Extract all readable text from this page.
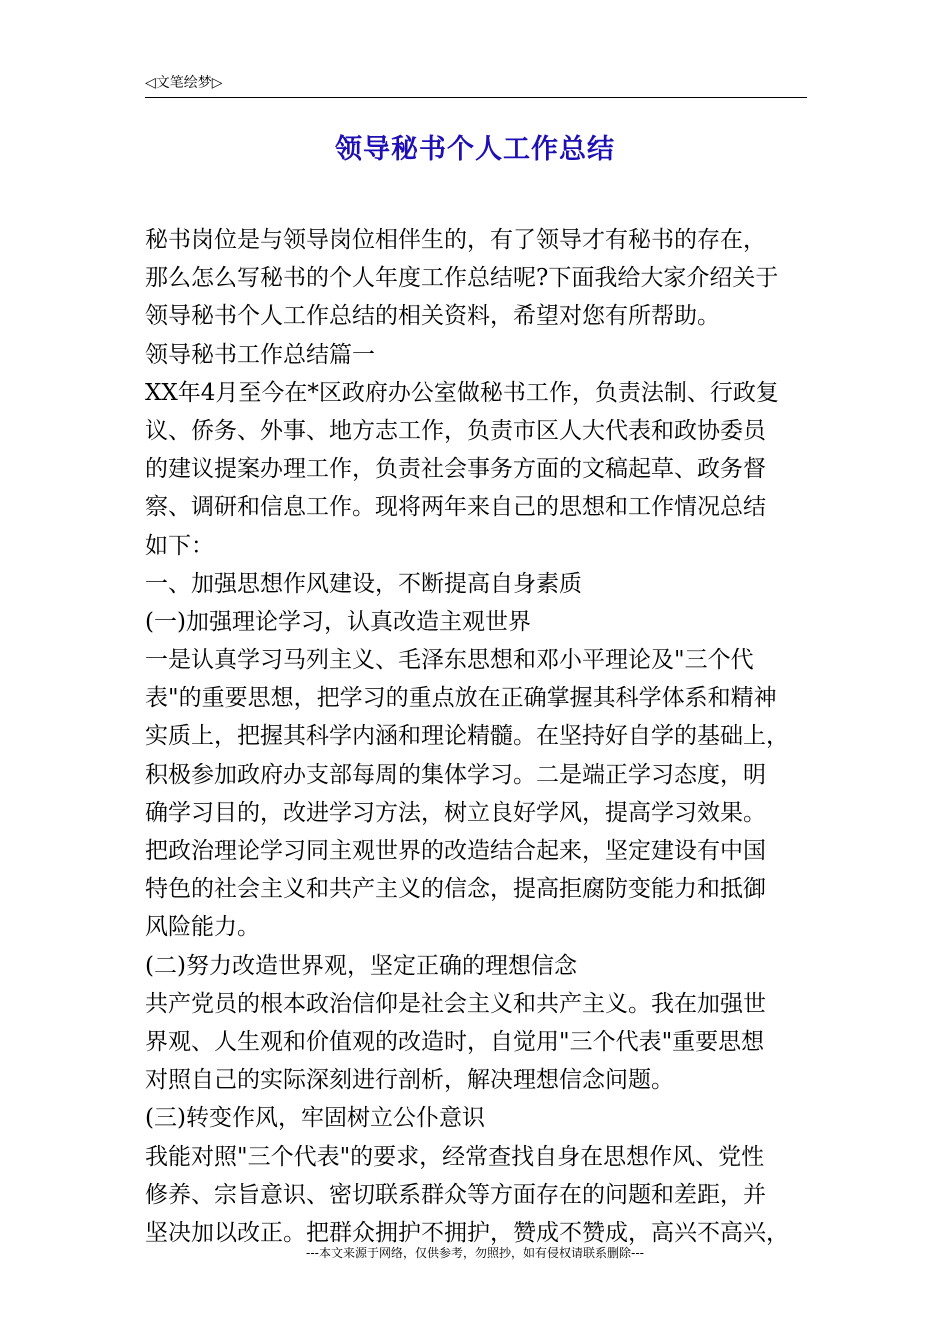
◁文笔绘梦▷
领导秘书个人工作总结
秘书岗位是与领导岗位相伴生的，有了领导才有秘书的存在，
那么怎么写秘书的个人年度工作总结呢?下面我给大家介绍关于
领导秘书个人工作总结的相关资料，希望对您有所帮助。
领导秘书工作总结篇一
XX年4月至今在*区政府办公室做秘书工作，负责法制、行政复
议、侨务、外事、地方志工作，负责市区人大代表和政协委员
的建议提案办理工作，负责社会事务方面的文稿起草、政务督
察、调研和信息工作。现将两年来自己的思想和工作情况总结
如下：
一、加强思想作风建设，不断提高自身素质
(一)加强理论学习，认真改造主观世界
一是认真学习马列主义、毛泽东思想和邓小平理论及"三个代
表"的重要思想，把学习的重点放在正确掌握其科学体系和精神
实质上，把握其科学内涵和理论精髓。在坚持好自学的基础上，
积极参加政府办支部每周的集体学习。二是端正学习态度，明
确学习目的，改进学习方法，树立良好学风，提高学习效果。
把政治理论学习同主观世界的改造结合起来，坚定建设有中国
特色的社会主义和共产主义的信念，提高拒腐防变能力和抵御
风险能力。
(二)努力改造世界观，坚定正确的理想信念
共产党员的根本政治信仰是社会主义和共产主义。我在加强世
界观、人生观和价值观的改造时，自觉用"三个代表"重要思想
对照自己的实际深刻进行剖析，解决理想信念问题。
(三)转变作风，牢固树立公仆意识
我能对照"三个代表"的要求，经常查找自身在思想作风、党性
修养、宗旨意识、密切联系群众等方面存在的问题和差距，并
坚决加以改正。把群众拥护不拥护，赞成不赞成，高兴不高兴，
---本文来源于网络，仅供参考，勿照抄，如有侵权请联系删除---
